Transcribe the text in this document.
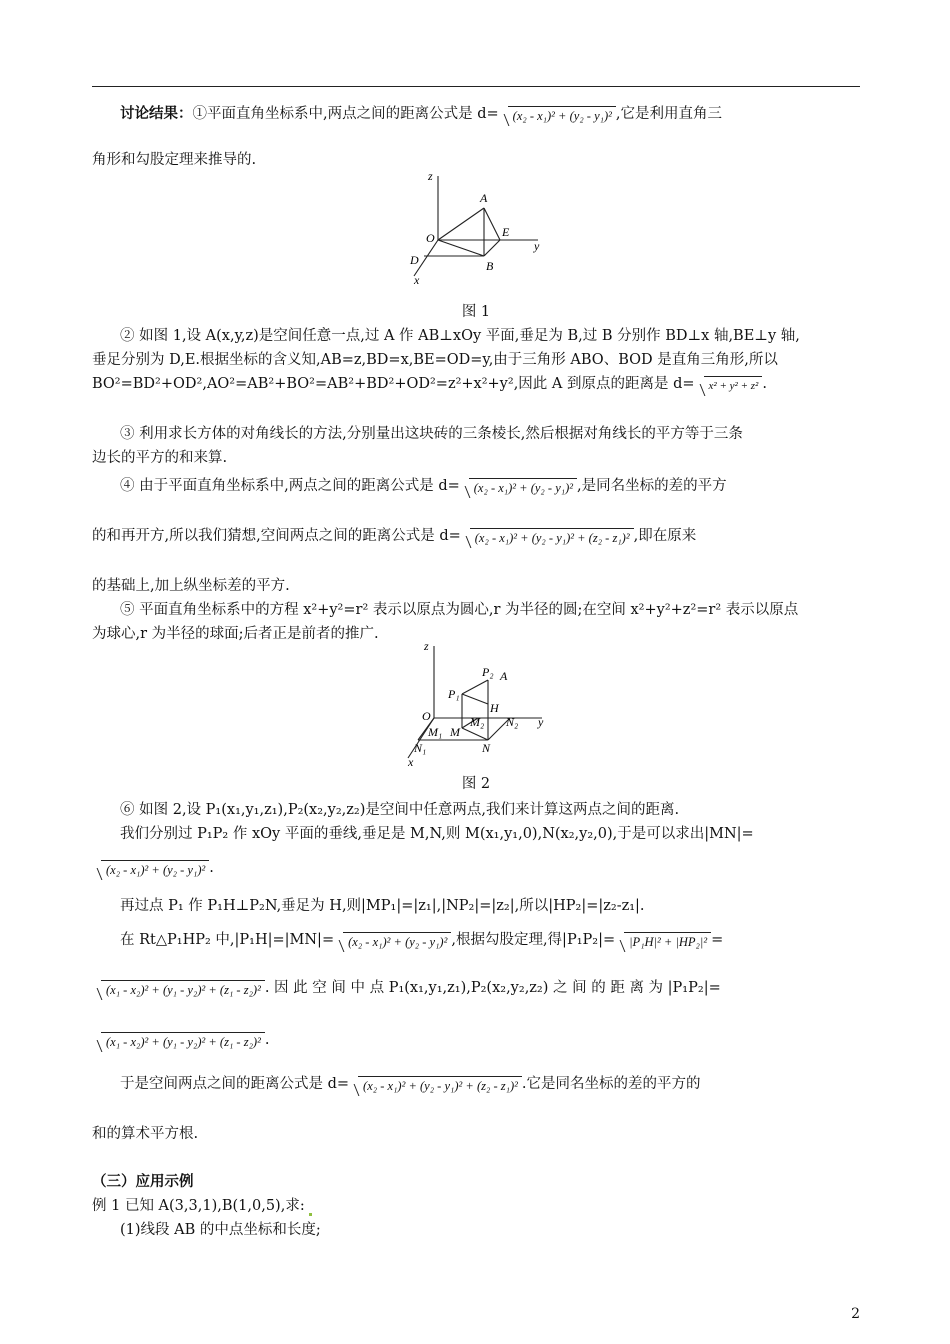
讨论结果：①平面直角坐标系中,两点之间的距离公式是 d= (x₂ - x₁)² + (y₂ - y₁)² ,它是利用直角三
角形和勾股定理来推导的.
z
A
O	E
y
D	B
x
图 1
② 如图 1,设 A(x,y,z)是空间任意一点,过 A 作 AB⊥xOy 平面,垂足为 B,过 B 分别作 BD⊥x 轴,BE⊥y 轴,
垂足分别为 D,E.根据坐标的含义知,AB=z,BD=x,BE=OD=y,由于三角形 ABO、BOD 是直角三角形,所以
BO²=BD²+OD²,AO²=AB²+BO²=AB²+BD²+OD²=z²+x²+y²,因此 A 到原点的距离是 d= x² + y² + z² .
③ 利用求长方体的对角线长的方法,分别量出这块砖的三条棱长,然后根据对角线长的平方等于三条
边长的平方的和来算.
④ 由于平面直角坐标系中,两点之间的距离公式是 d= (x₂ - x₁)² + (y₂ - y₁)² ,是同名坐标的差的平方
的和再开方,所以我们猜想,空间两点之间的距离公式是 d= (x₂ - x₁)² + (y₂ - y₁)² + (z₂ - z₁)² ,即在原来
的基础上,加上纵坐标差的平方.
⑤ 平面直角坐标系中的方程 x²+y²=r² 表示以原点为圆心,r 为半径的圆;在空间 x²+y²+z²=r² 表示以原点
为球心,r 为半径的球面;后者正是前者的推广.
z
P₂ A
P₁
H
O	M₂ N₂ y
M₁ M
N₁	N
x
图 2
⑥ 如图 2,设 P₁(x₁,y₁,z₁),P₂(x₂,y₂,z₂)是空间中任意两点,我们来计算这两点之间的距离.
我们分别过 P₁P₂ 作 xOy 平面的垂线,垂足是 M,N,则 M(x₁,y₁,0),N(x₂,y₂,0),于是可以求出|MN|=
(x₂ - x₁)² + (y₂ - y₁)² .
再过点 P₁ 作 P₁H⊥P₂N,垂足为 H,则|MP₁|=|z₁|,|NP₂|=|z₂|,所以|HP₂|=|z₂-z₁|.
在 Rt△P₁HP₂ 中,|P₁H|=|MN|= (x₂ - x₁)² + (y₂ - y₁)² ,根据勾股定理,得|P₁P₂|= |P₁H|² + |HP₂|² =
(x₁ - x₂)² + (y₁ - y₂)² + (z₁ - z₂)² . 因 此 空 间 中 点 P₁(x₁,y₁,z₁),P₂(x₂,y₂,z₂) 之 间 的 距 离 为 |P₁P₂|=
(x₁ - x₂)² + (y₁ - y₂)² + (z₁ - z₂)² .
于是空间两点之间的距离公式是 d= (x₂ - x₁)² + (y₂ - y₁)² + (z₂ - z₁)² .它是同名坐标的差的平方的
和的算术平方根.
（三）应用示例
例 1 已知 A(3,3,1),B(1,0,5),求:
(1)线段 AB 的中点坐标和长度;
2
